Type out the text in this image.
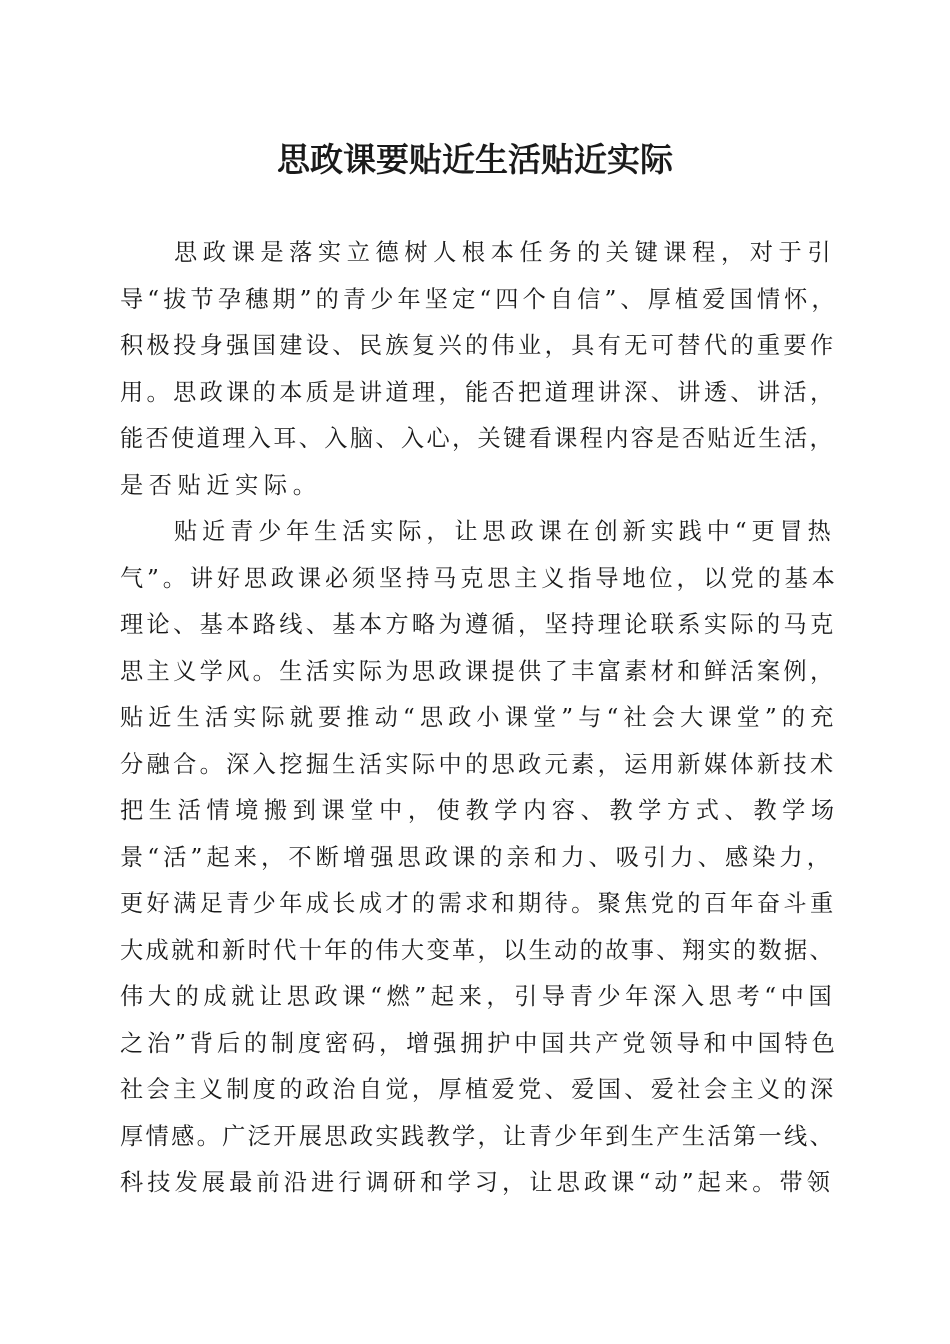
思政课要贴近生活贴近实际
思政课是落实立德树人根本任务的关键课程，对于引
导“拔节孕穗期”的青少年坚定“四个自信”、厚植爱国情怀，
积极投身强国建设、民族复兴的伟业，具有无可替代的重要作
用。思政课的本质是讲道理，能否把道理讲深、讲透、讲活，
能否使道理入耳、入脑、入心，关键看课程内容是否贴近生活，
是否贴近实际。
贴近青少年生活实际，让思政课在创新实践中“更冒热
气”。讲好思政课必须坚持马克思主义指导地位，以党的基本
理论、基本路线、基本方略为遵循，坚持理论联系实际的马克
思主义学风。生活实际为思政课提供了丰富素材和鲜活案例，
贴近生活实际就要推动“思政小课堂”与“社会大课堂”的充
分融合。深入挖掘生活实际中的思政元素，运用新媒体新技术
把生活情境搬到课堂中，使教学内容、教学方式、教学场
景“活”起来，不断增强思政课的亲和力、吸引力、感染力，
更好满足青少年成长成才的需求和期待。聚焦党的百年奋斗重
大成就和新时代十年的伟大变革，以生动的故事、翔实的数据、
伟大的成就让思政课“燃”起来，引导青少年深入思考“中国
之治”背后的制度密码，增强拥护中国共产党领导和中国特色
社会主义制度的政治自觉，厚植爱党、爱国、爱社会主义的深
厚情感。广泛开展思政实践教学，让青少年到生产生活第一线、
科技发展最前沿进行调研和学习，让思政课“动”起来。带领
